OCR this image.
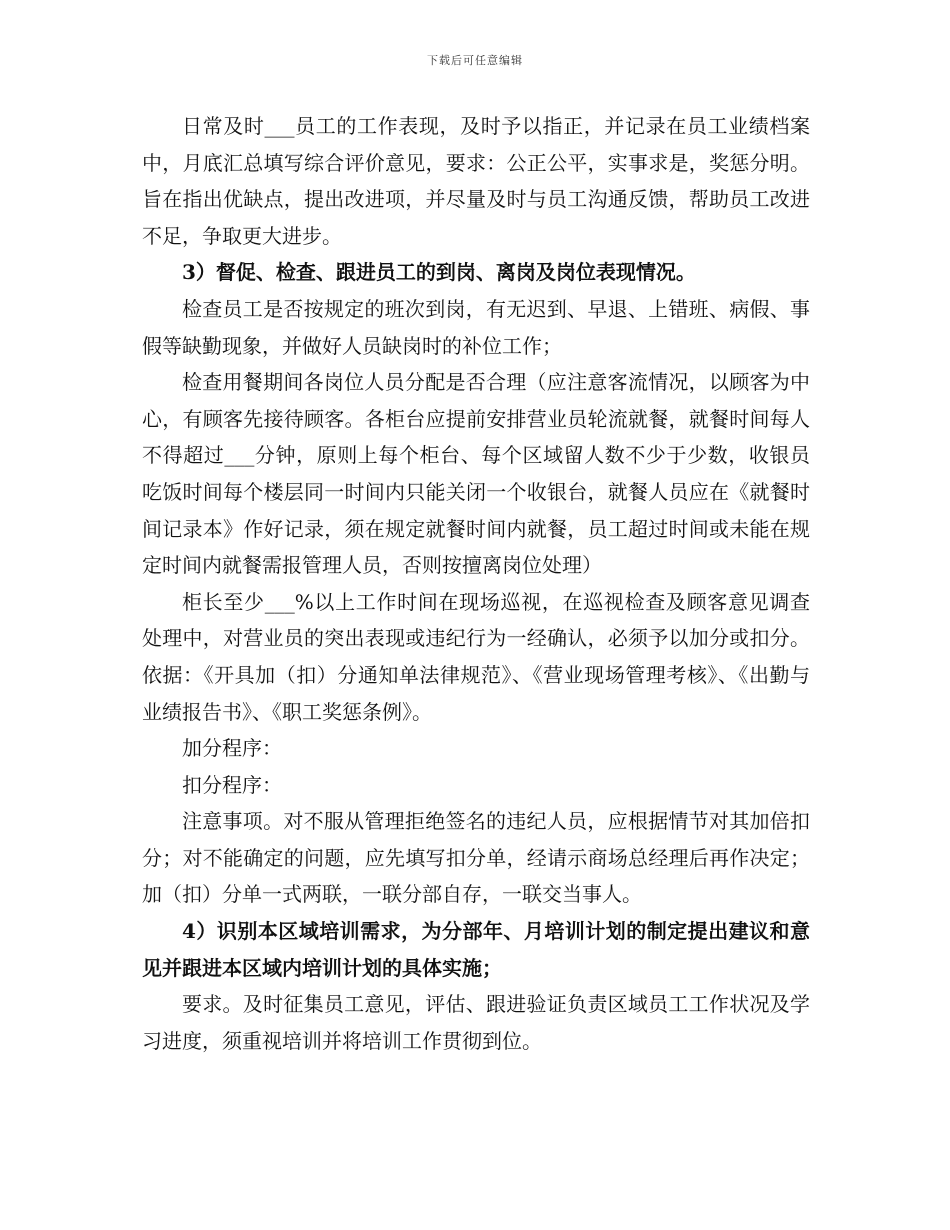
下载后可任意编辑

日常及时___员工的工作表现，及时予以指正，并记录在员工业绩档案中，月底汇总填写综合评价意见，要求：公正公平，实事求是，奖惩分明。旨在指出优缺点，提出改进项，并尽量及时与员工沟通反馈，帮助员工改进不足，争取更大进步。

3）督促、检查、跟进员工的到岗、离岗及岗位表现情况。

检查员工是否按规定的班次到岗，有无迟到、早退、上错班、病假、事假等缺勤现象，并做好人员缺岗时的补位工作；

检查用餐期间各岗位人员分配是否合理（应注意客流情况，以顾客为中心，有顾客先接待顾客。各柜台应提前安排营业员轮流就餐，就餐时间每人不得超过___分钟，原则上每个柜台、每个区域留人数不少于少数，收银员吃饭时间每个楼层同一时间内只能关闭一个收银台，就餐人员应在《就餐时间记录本》作好记录，须在规定就餐时间内就餐，员工超过时间或未能在规定时间内就餐需报管理人员，否则按擅离岗位处理）

柜长至少___%以上工作时间在现场巡视，在巡视检查及顾客意见调查处理中，对营业员的突出表现或违纪行为一经确认，必须予以加分或扣分。依据：《开具加（扣）分通知单法律规范》、《营业现场管理考核》、《出勤与业绩报告书》、《职工奖惩条例》。

加分程序：

扣分程序：

注意事项。对不服从管理拒绝签名的违纪人员，应根据情节对其加倍扣分；对不能确定的问题，应先填写扣分单，经请示商场总经理后再作决定；加（扣）分单一式两联，一联分部自存，一联交当事人。

4）识别本区域培训需求，为分部年、月培训计划的制定提出建议和意见并跟进本区域内培训计划的具体实施；

要求。及时征集员工意见，评估、跟进验证负责区域员工工作状况及学习进度，须重视培训并将培训工作贯彻到位。
